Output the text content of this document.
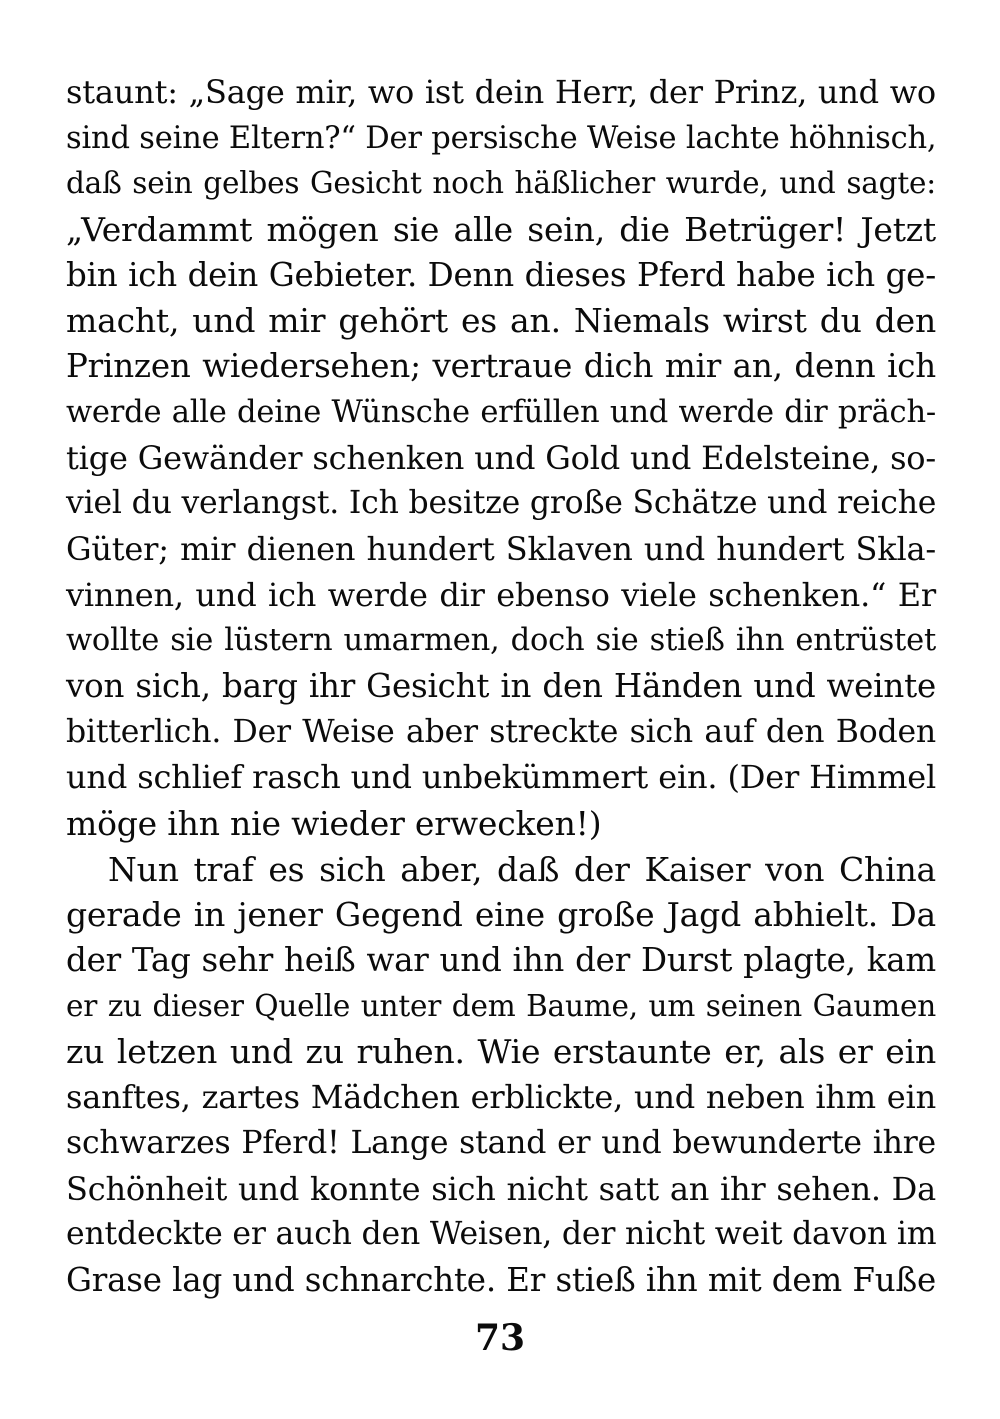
staunt: „Sage mir, wo ist dein Herr, der Prinz, und wo
sind seine Eltern?“ Der persische Weise lachte höhnisch,
daß sein gelbes Gesicht noch häßlicher wurde, und sagte:
„Verdammt mögen sie alle sein, die Betrüger! Jetzt
bin ich dein Gebieter. Denn dieses Pferd habe ich ge-
macht, und mir gehört es an. Niemals wirst du den
Prinzen wiedersehen; vertraue dich mir an, denn ich
werde alle deine Wünsche erfüllen und werde dir präch-
tige Gewänder schenken und Gold und Edelsteine, so-
viel du verlangst. Ich besitze große Schätze und reiche
Güter; mir dienen hundert Sklaven und hundert Skla-
vinnen, und ich werde dir ebenso viele schenken.“ Er
wollte sie lüstern umarmen, doch sie stieß ihn entrüstet
von sich, barg ihr Gesicht in den Händen und weinte
bitterlich. Der Weise aber streckte sich auf den Boden
und schlief rasch und unbekümmert ein. (Der Himmel
möge ihn nie wieder erwecken!)
Nun traf es sich aber, daß der Kaiser von China
gerade in jener Gegend eine große Jagd abhielt. Da
der Tag sehr heiß war und ihn der Durst plagte, kam
er zu dieser Quelle unter dem Baume, um seinen Gaumen
zu letzen und zu ruhen. Wie erstaunte er, als er ein
sanftes, zartes Mädchen erblickte, und neben ihm ein
schwarzes Pferd! Lange stand er und bewunderte ihre
Schönheit und konnte sich nicht satt an ihr sehen. Da
entdeckte er auch den Weisen, der nicht weit davon im
Grase lag und schnarchte. Er stieß ihn mit dem Fuße
73
